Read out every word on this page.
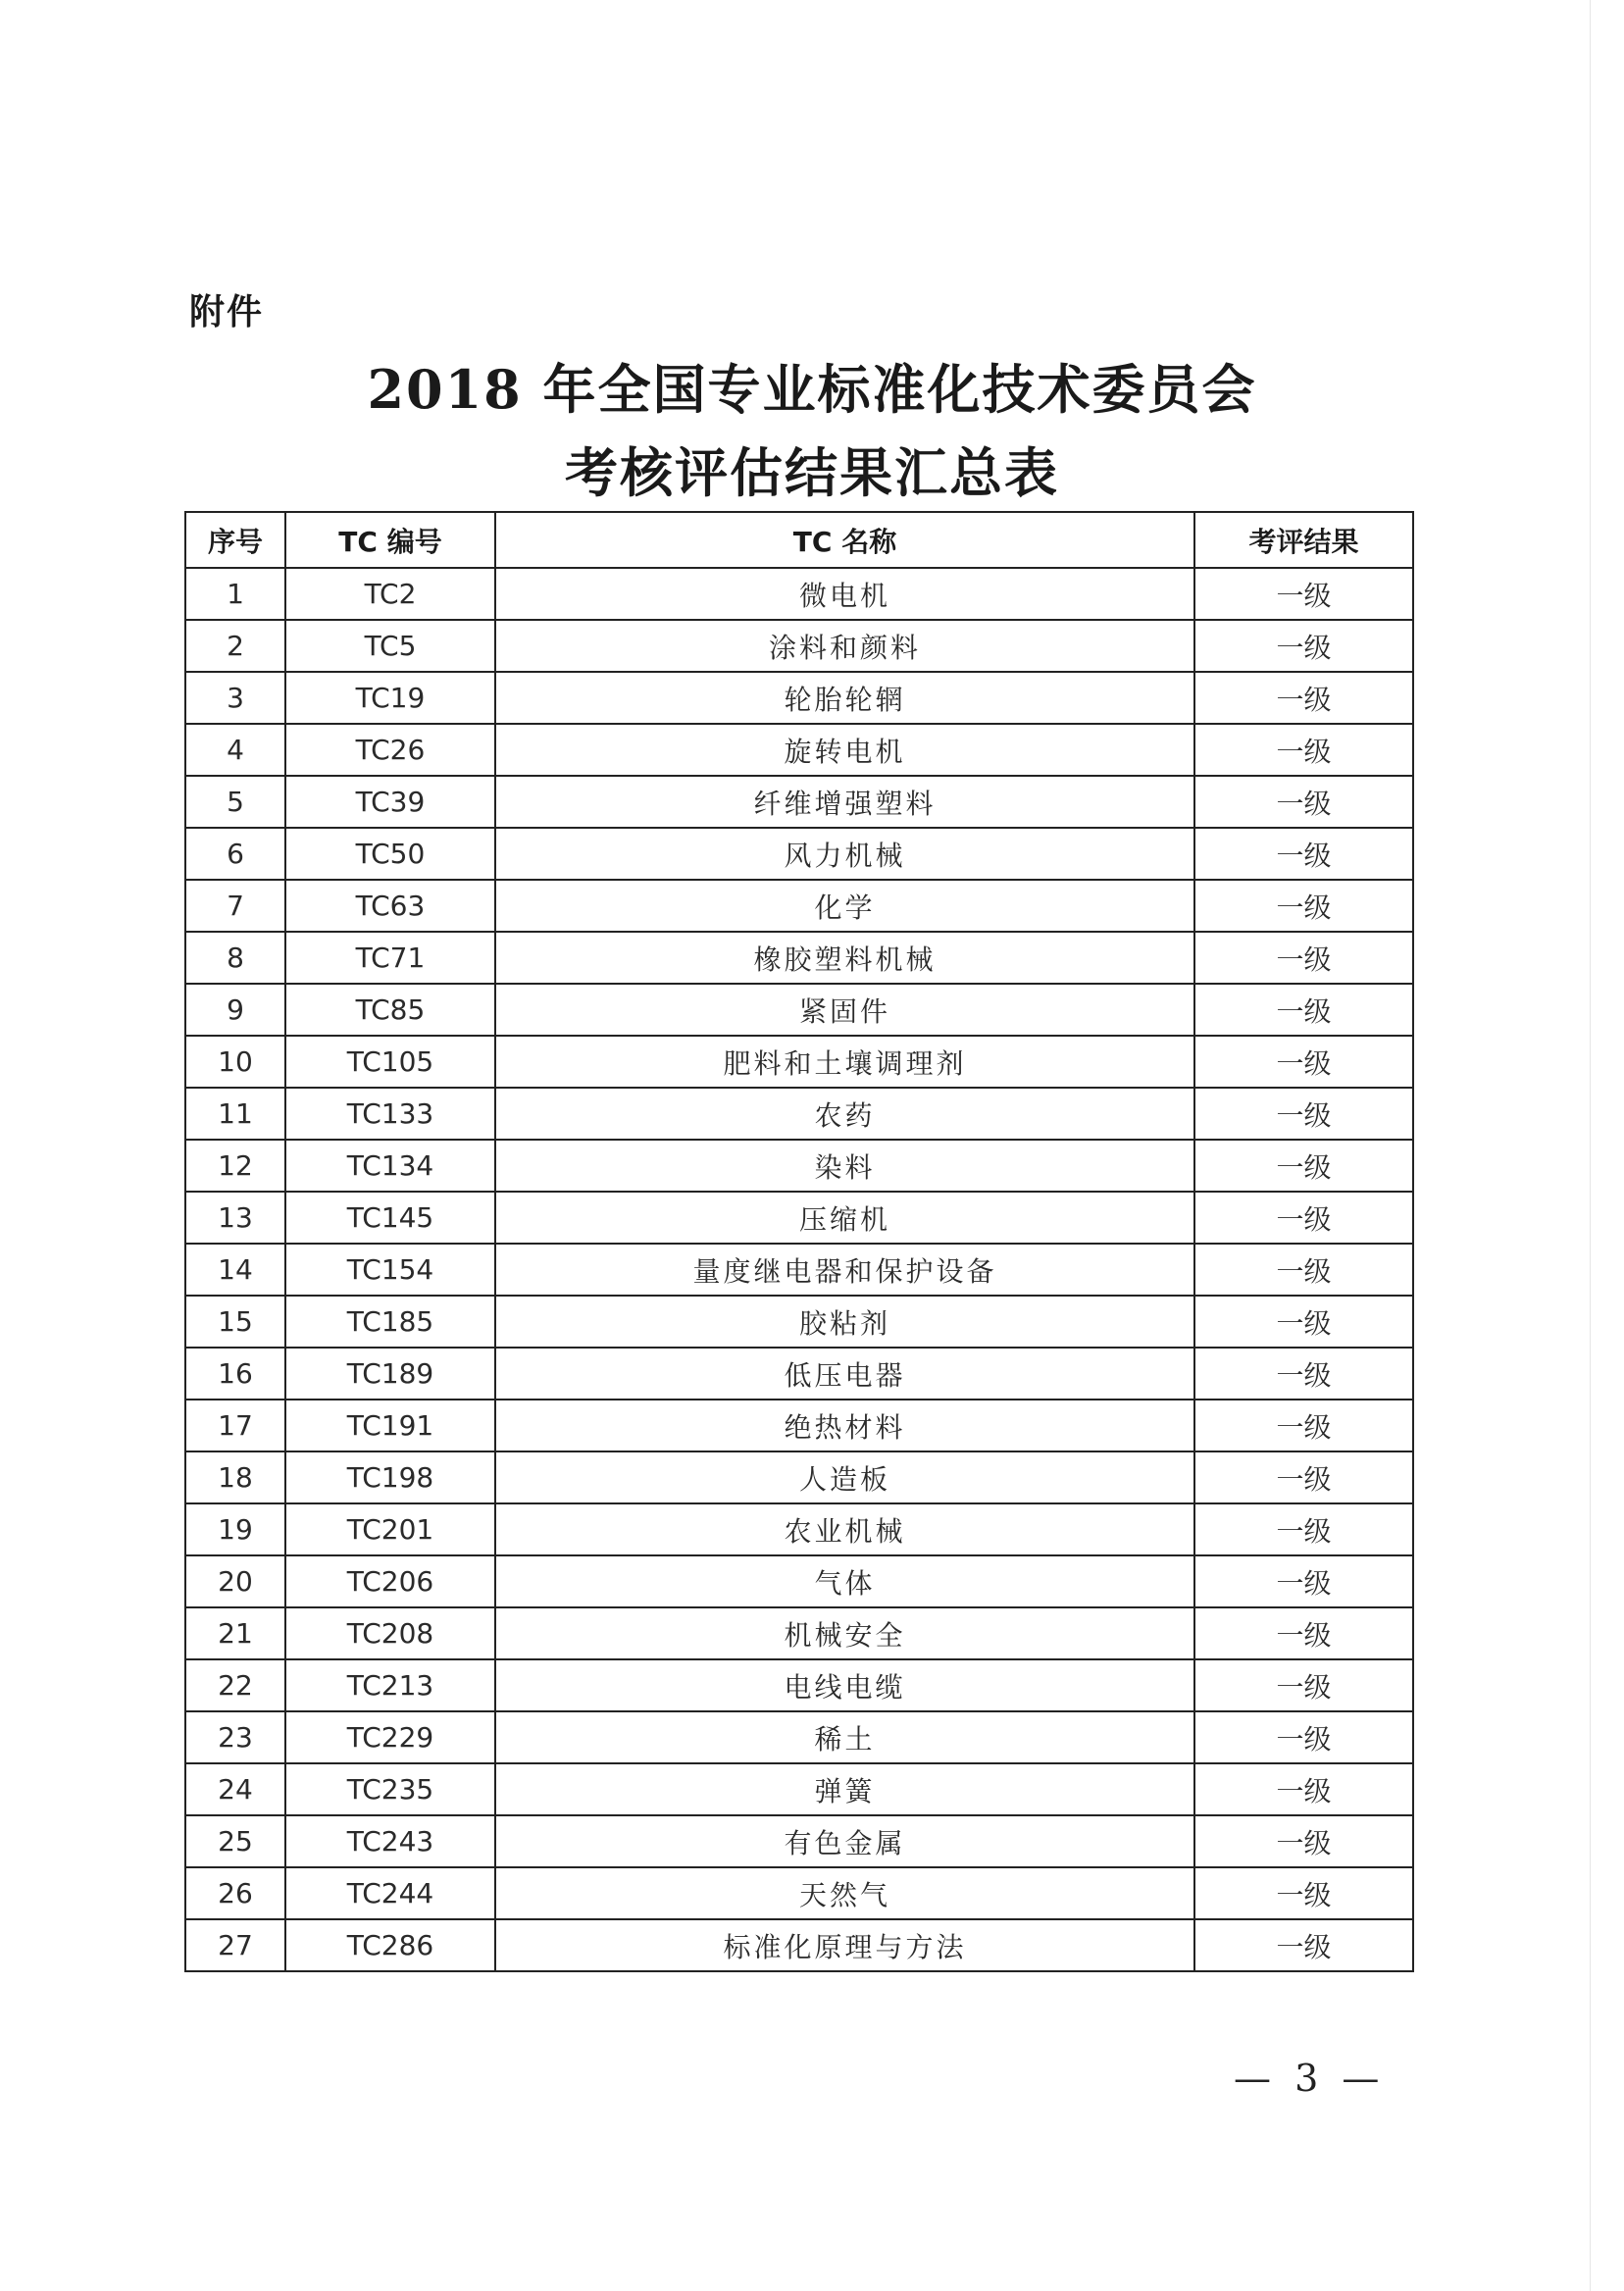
附件
2018 年全国专业标准化技术委员会
考核评估结果汇总表
序号	TC 编号	TC 名称	考评结果
1	TC2	微电机	一级
2	TC5	涂料和颜料	一级
3	TC19	轮胎轮辋	一级
4	TC26	旋转电机	一级
5	TC39	纤维增强塑料	一级
6	TC50	风力机械	一级
7	TC63	化学	一级
8	TC71	橡胶塑料机械	一级
9	TC85	紧固件	一级
10	TC105	肥料和土壤调理剂	一级
11	TC133	农药	一级
12	TC134	染料	一级
13	TC145	压缩机	一级
14	TC154	量度继电器和保护设备	一级
15	TC185	胶粘剂	一级
16	TC189	低压电器	一级
17	TC191	绝热材料	一级
18	TC198	人造板	一级
19	TC201	农业机械	一级
20	TC206	气体	一级
21	TC208	机械安全	一级
22	TC213	电线电缆	一级
23	TC229	稀土	一级
24	TC235	弹簧	一级
25	TC243	有色金属	一级
26	TC244	天然气	一级
27	TC286	标准化原理与方法	一级
— 3 —
